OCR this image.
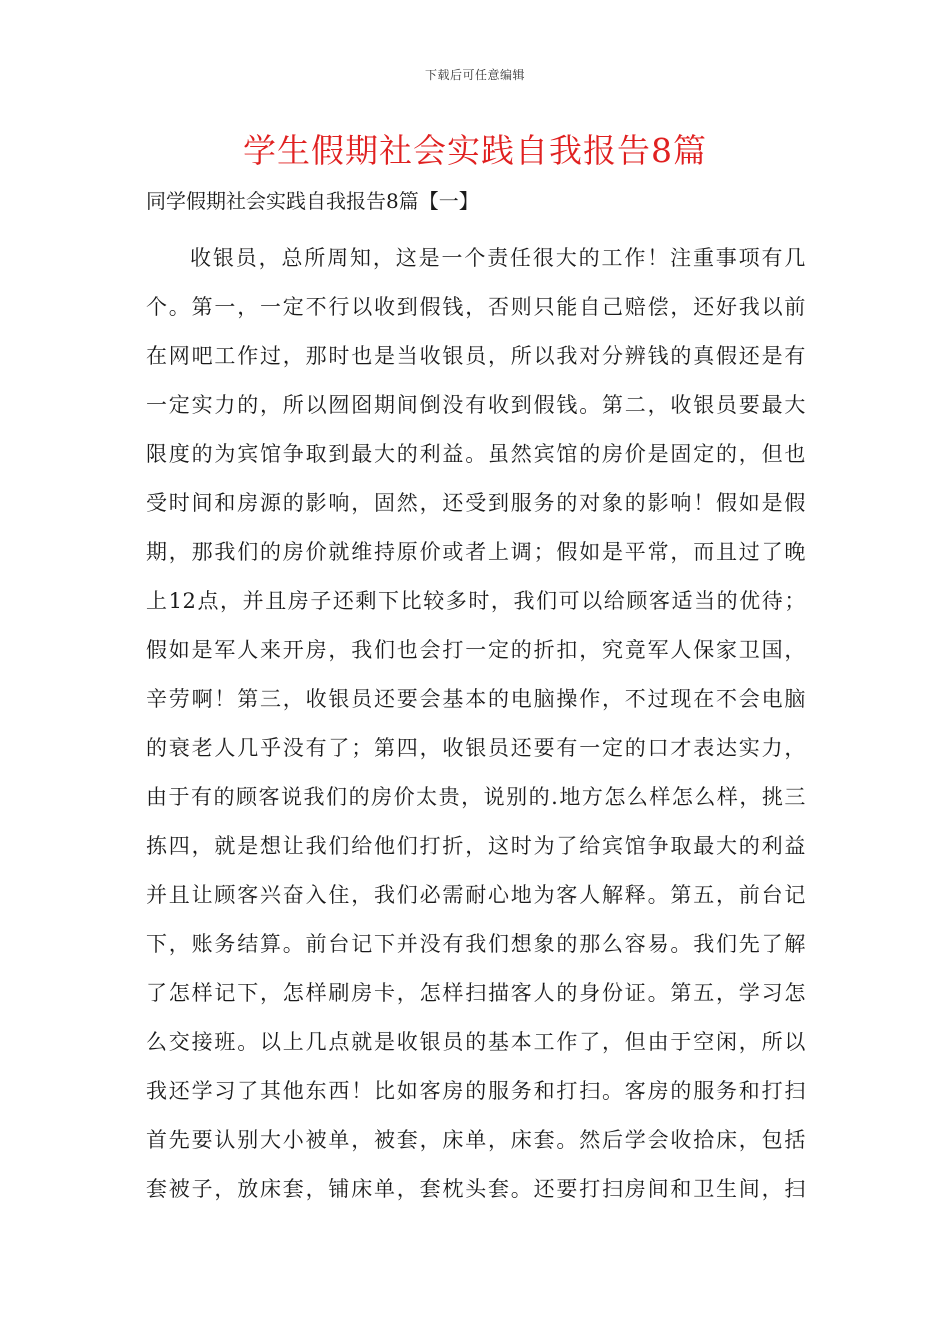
下载后可任意编辑
学生假期社会实践自我报告8篇
同学假期社会实践自我报告8篇【一】
收银员，总所周知，这是一个责任很大的工作！注重事项有几
个。第一，一定不行以收到假钱，否则只能自己赔偿，还好我以前
在网吧工作过，那时也是当收银员，所以我对分辨钱的真假还是有
一定实力的，所以囫囵期间倒没有收到假钱。第二，收银员要最大
限度的为宾馆争取到最大的利益。虽然宾馆的房价是固定的，但也
受时间和房源的影响，固然，还受到服务的对象的影响！假如是假
期，那我们的房价就维持原价或者上调；假如是平常，而且过了晚
上12点，并且房子还剩下比较多时，我们可以给顾客适当的优待；
假如是军人来开房，我们也会打一定的折扣，究竟军人保家卫国，
辛劳啊！第三，收银员还要会基本的电脑操作，不过现在不会电脑
的衰老人几乎没有了；第四，收银员还要有一定的口才表达实力，
由于有的顾客说我们的房价太贵，说别的.地方怎么样怎么样，挑三
拣四，就是想让我们给他们打折，这时为了给宾馆争取最大的利益
并且让顾客兴奋入住，我们必需耐心地为客人解释。第五，前台记
下，账务结算。前台记下并没有我们想象的那么容易。我们先了解
了怎样记下，怎样刷房卡，怎样扫描客人的身份证。第五，学习怎
么交接班。以上几点就是收银员的基本工作了，但由于空闲，所以
我还学习了其他东西！比如客房的服务和打扫。客房的服务和打扫
首先要认别大小被单，被套，床单，床套。然后学会收拾床，包括
套被子，放床套，铺床单，套枕头套。还要打扫房间和卫生间，扫
